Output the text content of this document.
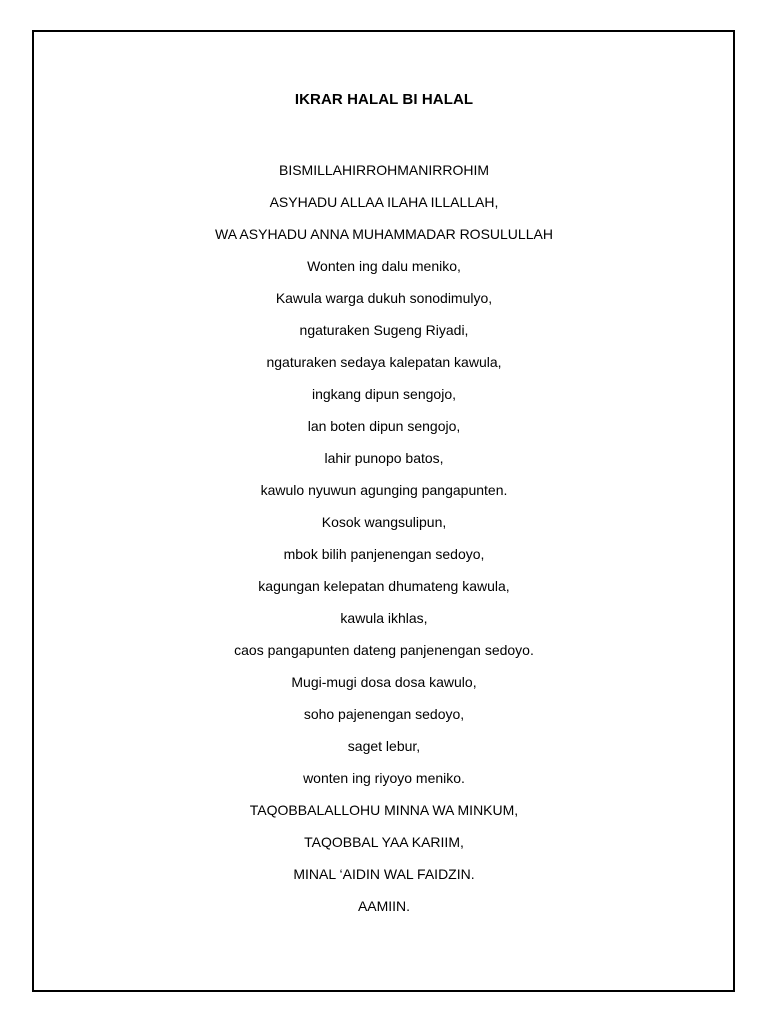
IKRAR HALAL BI HALAL
BISMILLAHIRROHMANIRROHIM
ASYHADU ALLAA ILAHA ILLALLAH,
WA ASYHADU ANNA MUHAMMADAR ROSULULLAH
Wonten ing dalu meniko,
Kawula warga dukuh sonodimulyo,
ngaturaken Sugeng Riyadi,
ngaturaken sedaya kalepatan kawula,
ingkang dipun sengojo,
lan boten dipun sengojo,
lahir punopo batos,
kawulo nyuwun agunging pangapunten.
Kosok wangsulipun,
mbok bilih panjenengan sedoyo,
kagungan kelepatan dhumateng kawula,
kawula ikhlas,
caos pangapunten dateng panjenengan sedoyo.
Mugi-mugi dosa dosa kawulo,
soho pajenengan sedoyo,
saget lebur,
wonten ing riyoyo meniko.
TAQOBBALALLOHU MINNA WA MINKUM,
TAQOBBAL YAA KARIIM,
MINAL ‘AIDIN WAL FAIDZIN.
AAMIIN.
